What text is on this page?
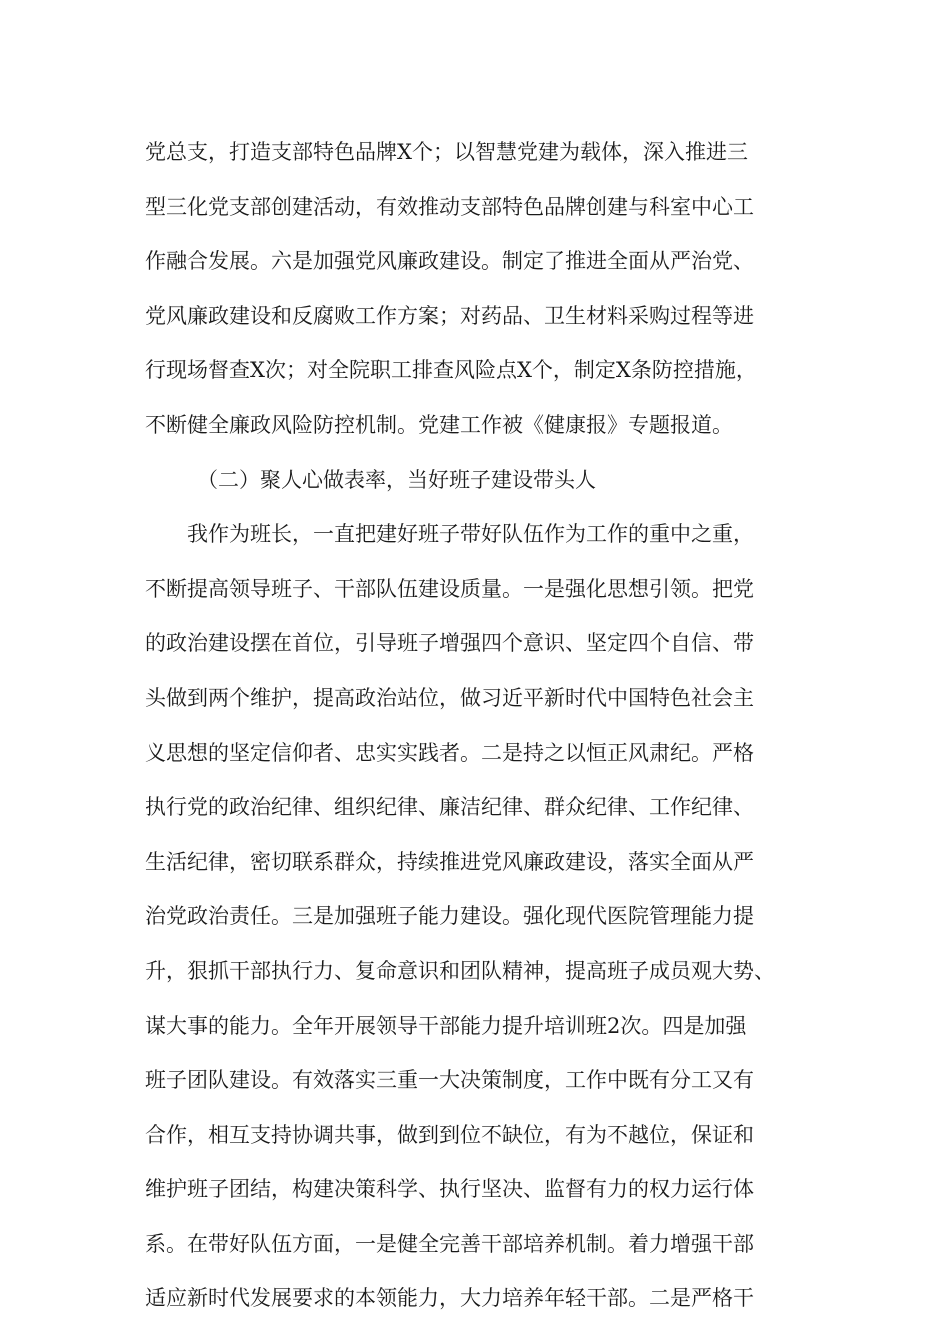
党总支，打造支部特色品牌X个；以智慧党建为载体，深入推进三
型三化党支部创建活动，有效推动支部特色品牌创建与科室中心工
作融合发展。六是加强党风廉政建设。制定了推进全面从严治党、
党风廉政建设和反腐败工作方案；对药品、卫生材料采购过程等进
行现场督查X次；对全院职工排查风险点X个，制定X条防控措施，
不断健全廉政风险防控机制。党建工作被《健康报》专题报道。
（二）聚人心做表率，当好班子建设带头人
我作为班长，一直把建好班子带好队伍作为工作的重中之重，
不断提高领导班子、干部队伍建设质量。一是强化思想引领。把党
的政治建设摆在首位，引导班子增强四个意识、坚定四个自信、带
头做到两个维护，提高政治站位，做习近平新时代中国特色社会主
义思想的坚定信仰者、忠实实践者。二是持之以恒正风肃纪。严格
执行党的政治纪律、组织纪律、廉洁纪律、群众纪律、工作纪律、
生活纪律，密切联系群众，持续推进党风廉政建设，落实全面从严
治党政治责任。三是加强班子能力建设。强化现代医院管理能力提
升，狠抓干部执行力、复命意识和团队精神，提高班子成员观大势、
谋大事的能力。全年开展领导干部能力提升培训班2次。四是加强
班子团队建设。有效落实三重一大决策制度，工作中既有分工又有
合作，相互支持协调共事，做到到位不缺位，有为不越位，保证和
维护班子团结，构建决策科学、执行坚决、监督有力的权力运行体
系。在带好队伍方面，一是健全完善干部培养机制。着力增强干部
适应新时代发展要求的本领能力，大力培养年轻干部。二是严格干
